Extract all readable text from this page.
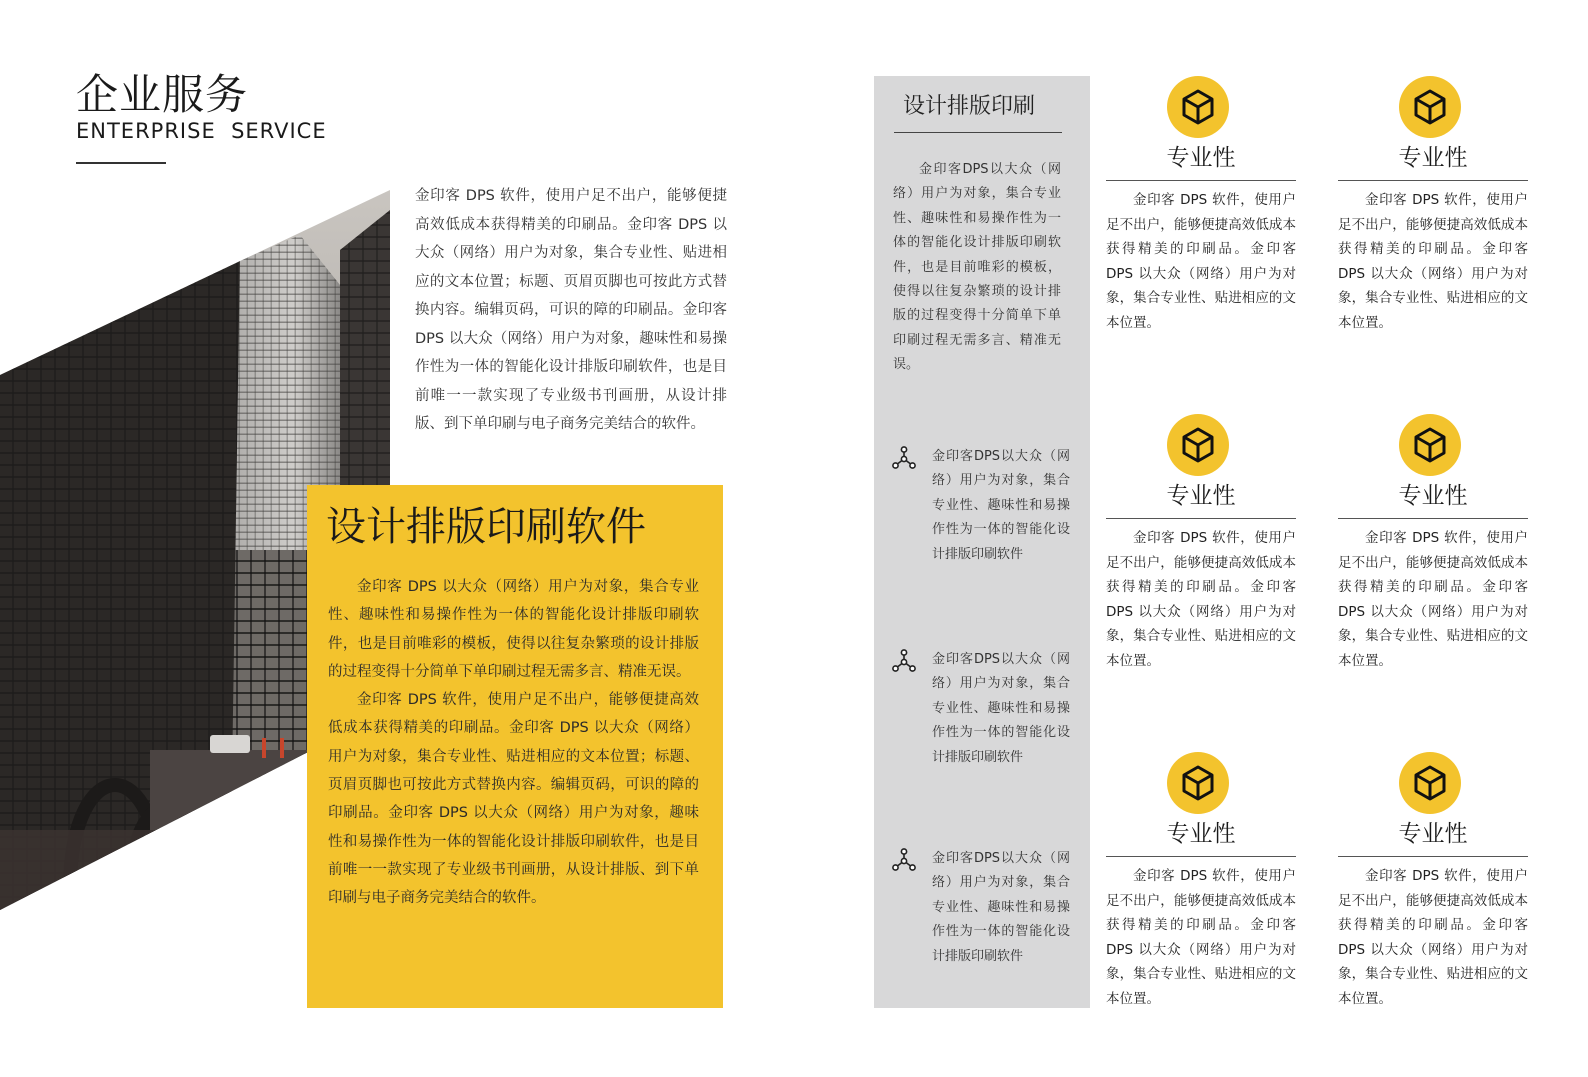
企业服务
ENTERPRISE  SERVICE
金印客 DPS 软件，使用户足不出户，能够便捷高效低成本获得精美的印刷品。金印客 DPS 以大众（网络）用户为对象，集合专业性、贴进相应的文本位置；标题、页眉页脚也可按此方式替换内容。编辑页码，可识的障的印刷品。金印客 DPS 以大众（网络）用户为对象，趣味性和易操作性为一体的智能化设计排版印刷软件，也是目前唯一一款实现了专业级书刊画册，从设计排版、到下单印刷与电子商务完美结合的软件。
设计排版印刷软件

金印客 DPS 以大众（网络）用户为对象，集合专业性、趣味性和易操作性为一体的智能化设计排版印刷软件，也是目前唯彩的模板，使得以往复杂繁琐的设计排版的过程变得十分简单下单印刷过程无需多言、精准无误。

金印客 DPS 软件，使用户足不出户，能够便捷高效低成本获得精美的印刷品。金印客 DPS 以大众（网络）用户为对象，集合专业性、贴进相应的文本位置；标题、页眉页脚也可按此方式替换内容。编辑页码，可识的障的印刷品。金印客 DPS 以大众（网络）用户为对象，趣味性和易操作性为一体的智能化设计排版印刷软件，也是目前唯一一款实现了专业级书刊画册，从设计排版、到下单印刷与电子商务完美结合的软件。

设计排版印刷
金印客DPS以大众（网络）用户为对象，集合专业性、趣味性和易操作性为一体的智能化设计排版印刷软件，也是目前唯彩的模板，使得以往复杂繁琐的设计排版的过程变得十分简单下单印刷过程无需多言、精准无误。
金印客DPS以大众（网络）用户为对象，集合专业性、趣味性和易操作性为一体的智能化设计排版印刷软件
金印客DPS以大众（网络）用户为对象，集合专业性、趣味性和易操作性为一体的智能化设计排版印刷软件
金印客DPS以大众（网络）用户为对象，集合专业性、趣味性和易操作性为一体的智能化设计排版印刷软件
专业性
金印客 DPS 软件，使用户足不出户，能够便捷高效低成本获得精美的印刷品。金印客 DPS 以大众（网络）用户为对象，集合专业性、贴进相应的文本位置。
专业性
金印客 DPS 软件，使用户足不出户，能够便捷高效低成本获得精美的印刷品。金印客 DPS 以大众（网络）用户为对象，集合专业性、贴进相应的文本位置。
专业性
金印客 DPS 软件，使用户足不出户，能够便捷高效低成本获得精美的印刷品。金印客 DPS 以大众（网络）用户为对象，集合专业性、贴进相应的文本位置。
专业性
金印客 DPS 软件，使用户足不出户，能够便捷高效低成本获得精美的印刷品。金印客 DPS 以大众（网络）用户为对象，集合专业性、贴进相应的文本位置。
专业性
金印客 DPS 软件，使用户足不出户，能够便捷高效低成本获得精美的印刷品。金印客 DPS 以大众（网络）用户为对象，集合专业性、贴进相应的文本位置。
专业性
金印客 DPS 软件，使用户足不出户，能够便捷高效低成本获得精美的印刷品。金印客 DPS 以大众（网络）用户为对象，集合专业性、贴进相应的文本位置。
